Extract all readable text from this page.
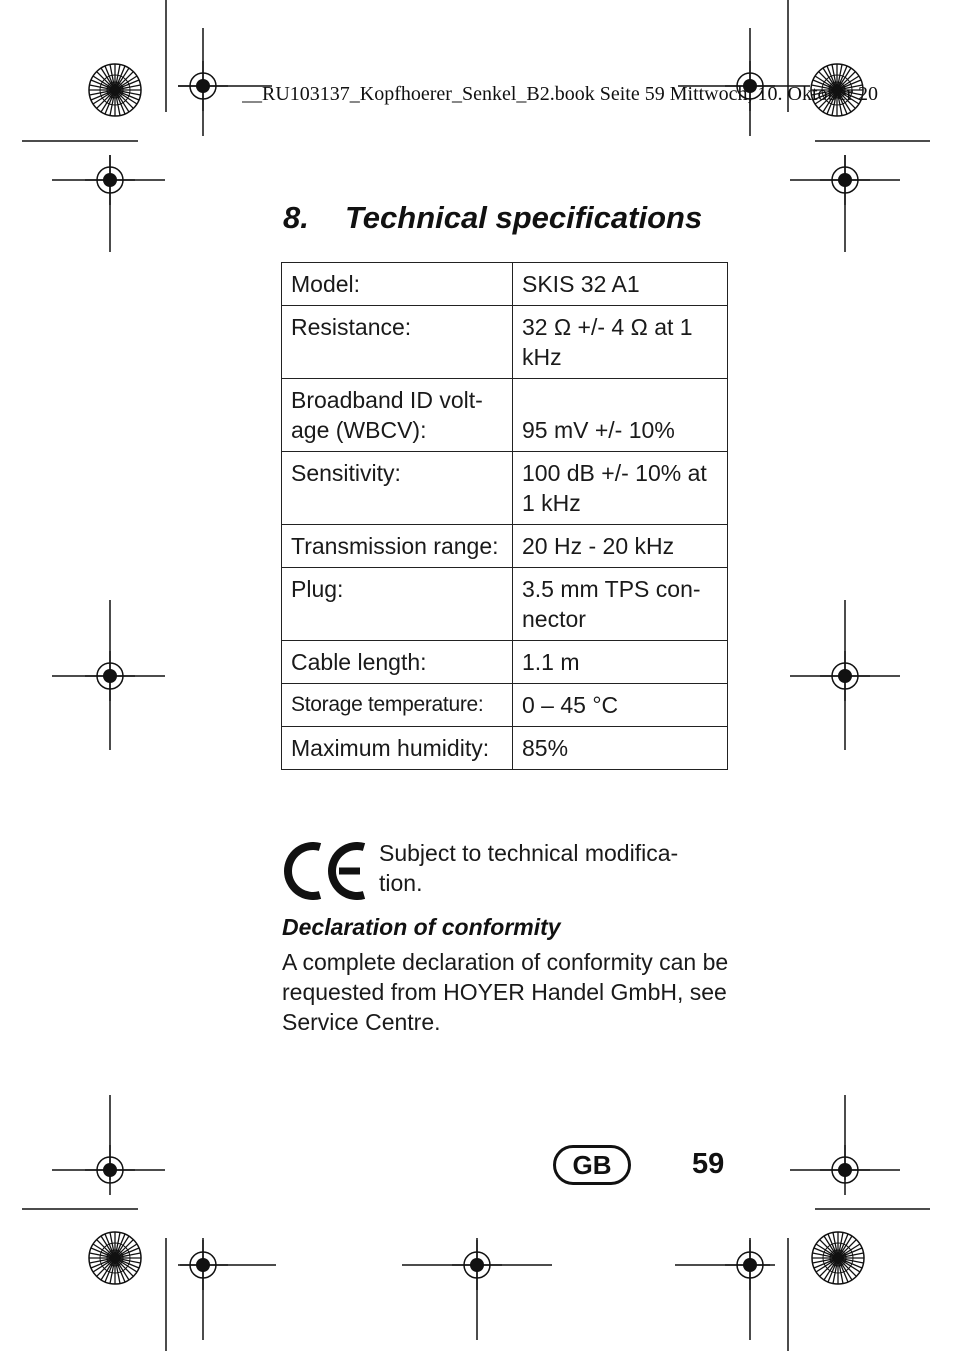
__RU103137_Kopfhoerer_Senkel_B2.book Seite 59 Mittwoch, 10. Oktober 20
8. Technical specifications
Model:	SKIS 32 A1
Resistance:	32 Ω +/- 4 Ω at 1 kHz
Broadband ID volt-age (WBCV):	95 mV +/- 10%
Sensitivity:	100 dB +/- 10% at 1 kHz
Transmission range:	20 Hz - 20 kHz
Plug:	3.5 mm TPS con-nector
Cable length:	1.1 m
Storage temperature:	0 – 45 °C
Maximum humidity:	85%
Subject to technical modifica-tion.
Declaration of conformity
A complete declaration of conformity can be requested from HOYER Handel GmbH, see Service Centre.
GB	59
